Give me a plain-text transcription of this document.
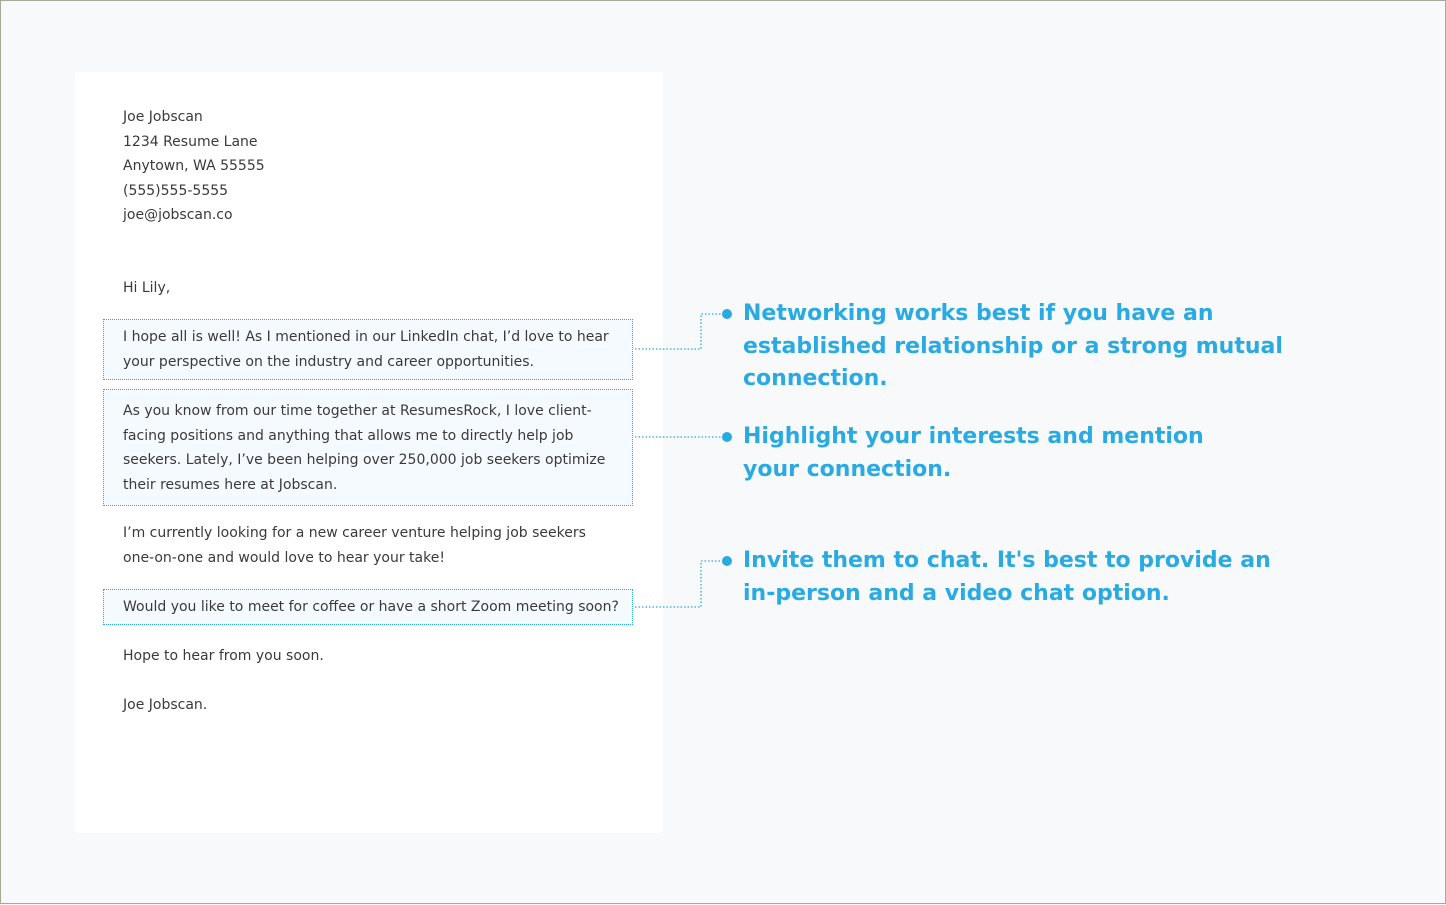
Joe Jobscan

1234 Resume Lane

Anytown, WA 55555

(555)555-5555

joe@jobscan.co

Hi Lily,

I hope all is well! As I mentioned in our LinkedIn chat, I’d love to hear your perspective on the industry and career opportunities.

As you know from our time together at ResumesRock, I love client-facing positions and anything that allows me to directly help job seekers. Lately, I’ve been helping over 250,000 job seekers optimize their resumes here at Jobscan.

I’m currently looking for a new career venture helping job seekers one-on-one and would love to hear your take!

Would you like to meet for coffee or have a short Zoom meeting soon?

Hope to hear from you soon.

Joe Jobscan.

Networking works best if you have an established relationship or a strong mutual connection.

Highlight your interests and mention your connection.

Invite them to chat. It's best to provide an in-person and a video chat option.
